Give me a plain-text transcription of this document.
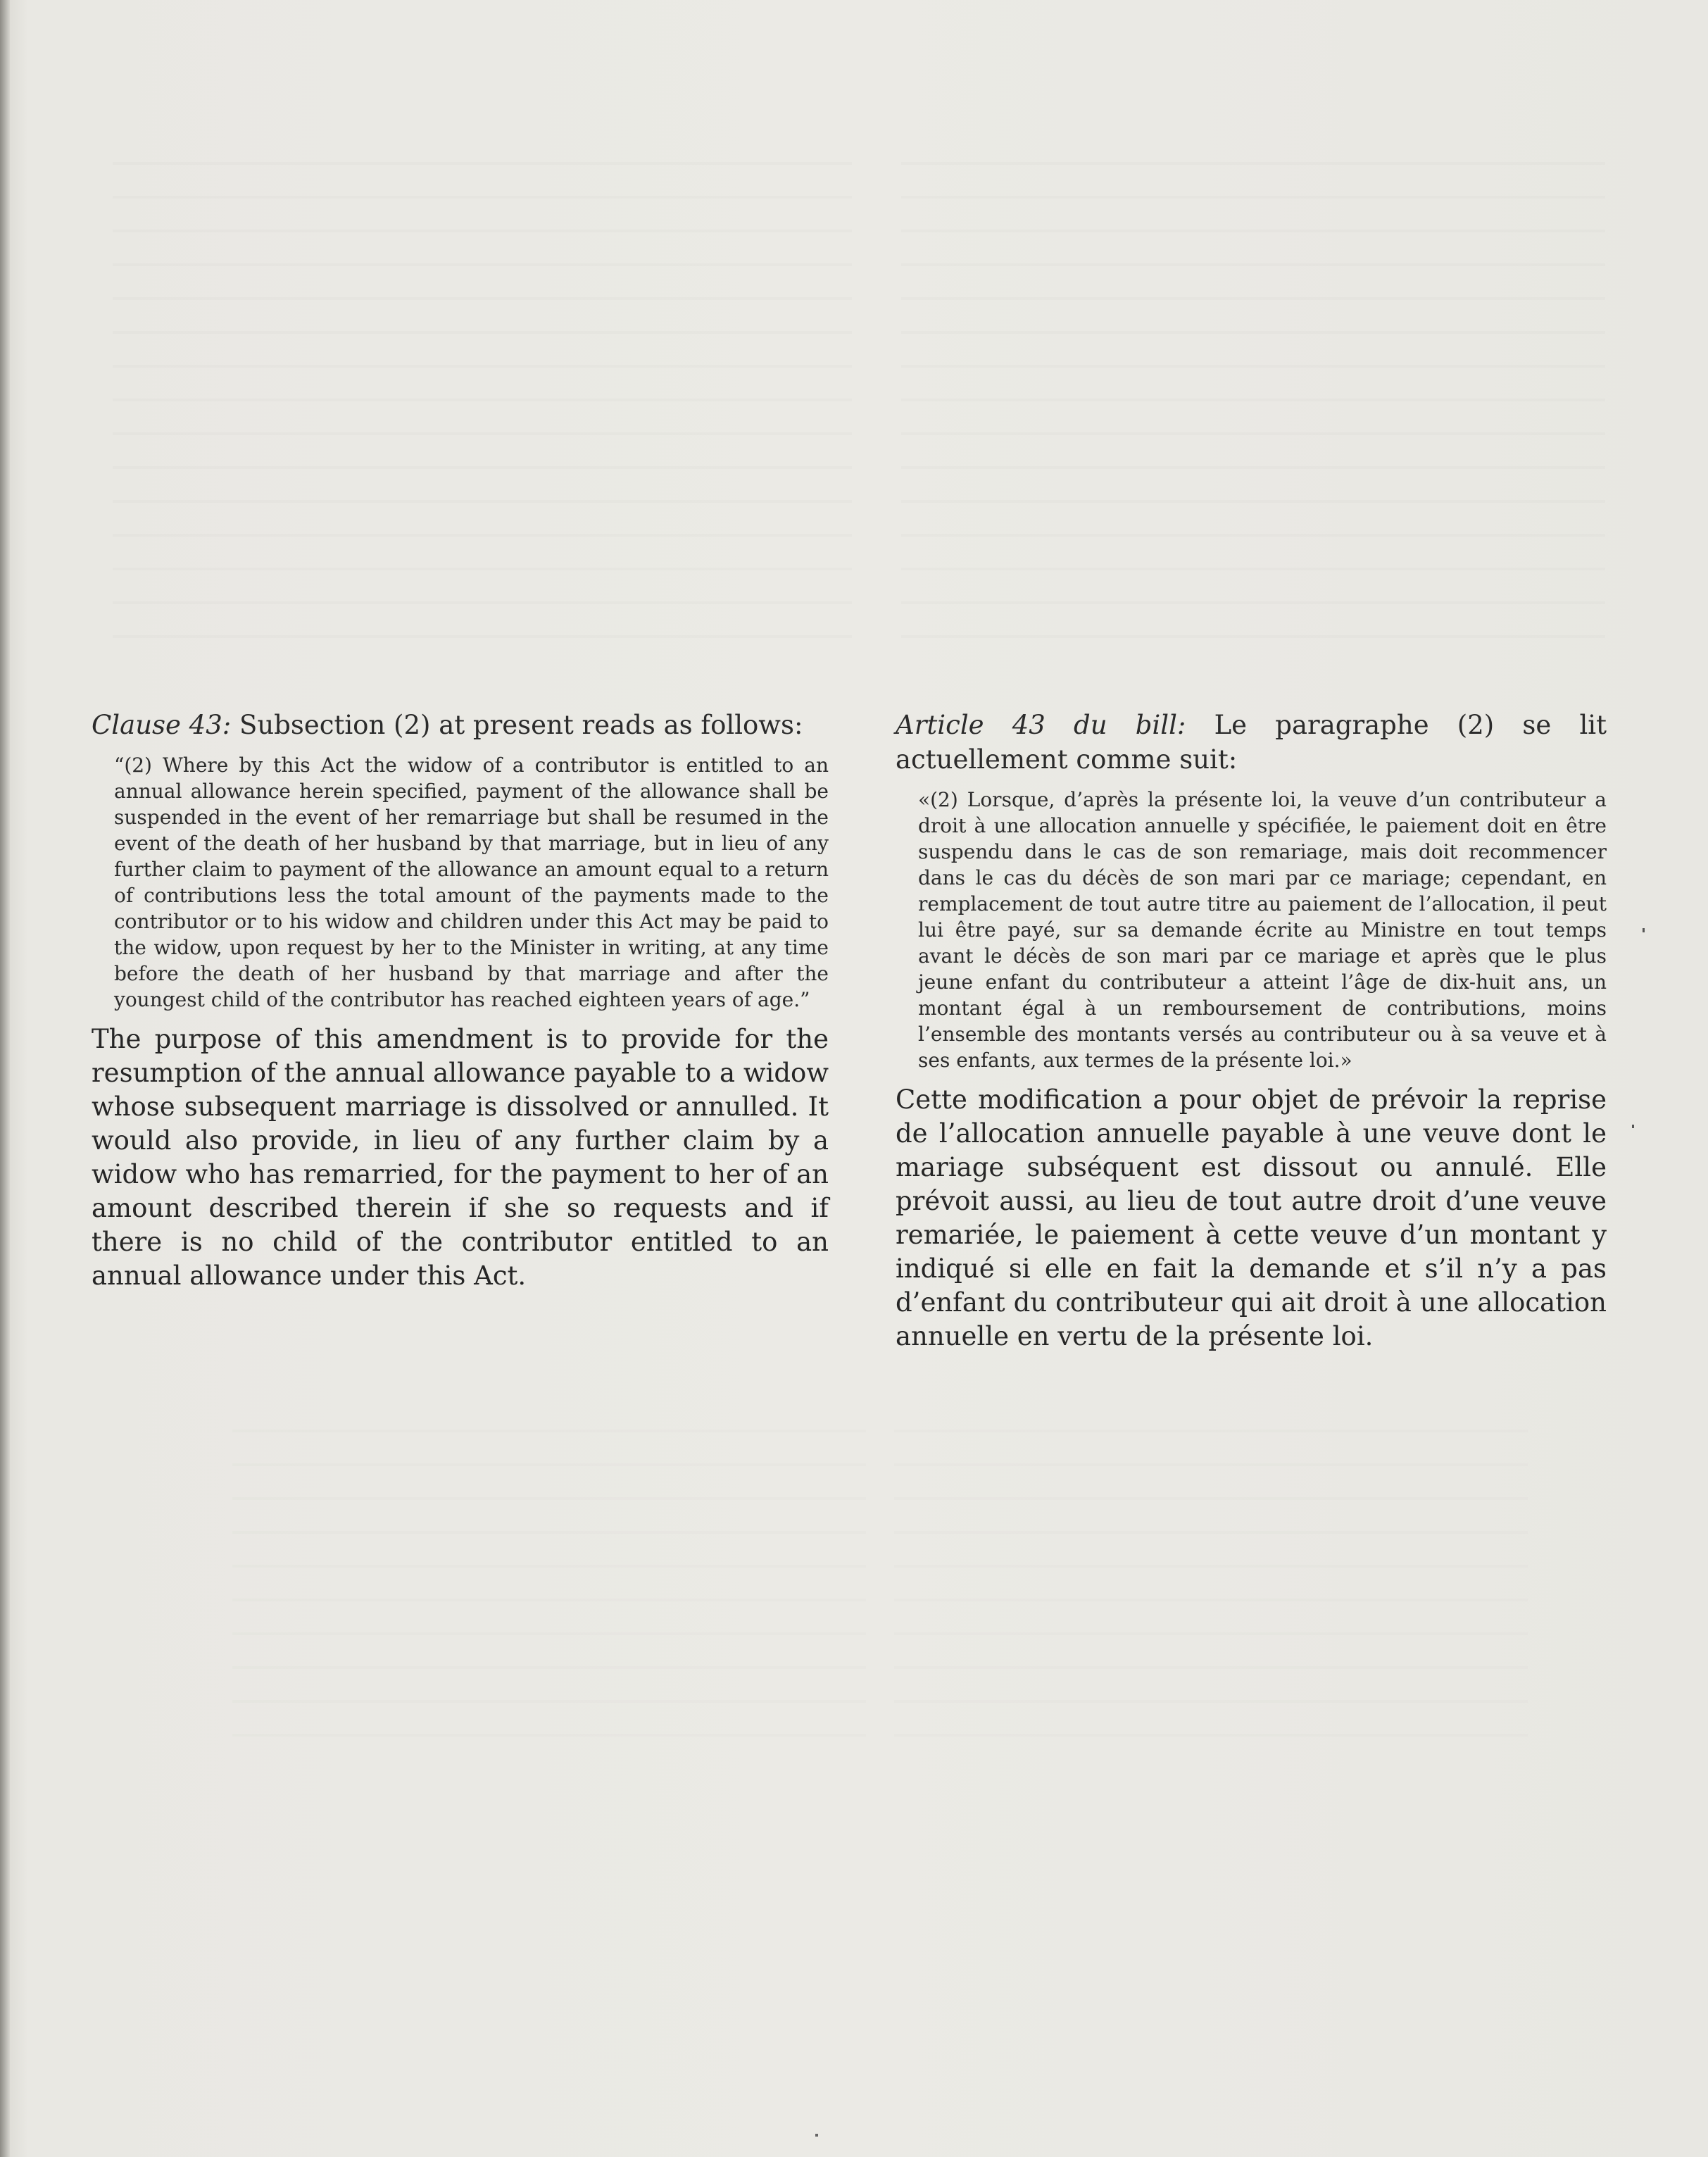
Clause 43: Subsection (2) at present reads as follows:

“(2) Where by this Act the widow of a contributor is entitled to an annual allowance herein specified, payment of the allowance shall be suspended in the event of her remarriage but shall be resumed in the event of the death of her husband by that marriage, but in lieu of any further claim to payment of the allowance an amount equal to a return of contributions less the total amount of the payments made to the contributor or to his widow and children under this Act may be paid to the widow, upon request by her to the Minister in writing, at any time before the death of her husband by that marriage and after the youngest child of the contributor has reached eighteen years of age.”

The purpose of this amendment is to provide for the resumption of the annual allowance payable to a widow whose subsequent marriage is dissolved or annulled. It would also provide, in lieu of any further claim by a widow who has remarried, for the payment to her of an amount described therein if she so requests and if there is no child of the contributor entitled to an annual allowance under this Act.

Article 43 du bill: Le paragraphe (2) se lit actuellement comme suit:

«(2) Lorsque, d’après la présente loi, la veuve d’un contributeur a droit à une allocation annuelle y spécifiée, le paiement doit en être suspendu dans le cas de son remariage, mais doit recommencer dans le cas du décès de son mari par ce mariage; cependant, en remplacement de tout autre titre au paiement de l’allocation, il peut lui être payé, sur sa demande écrite au Ministre en tout temps avant le décès de son mari par ce mariage et après que le plus jeune enfant du contributeur a atteint l’âge de dix-huit ans, un montant égal à un remboursement de contributions, moins l’ensemble des montants versés au contributeur ou à sa veuve et à ses enfants, aux termes de la présente loi.»

Cette modification a pour objet de prévoir la reprise de l’allocation annuelle payable à une veuve dont le mariage subséquent est dissout ou annulé. Elle prévoit aussi, au lieu de tout autre droit d’une veuve remariée, le paiement à cette veuve d’un montant y indiqué si elle en fait la demande et s’il n’y a pas d’enfant du contributeur qui ait droit à une allocation annuelle en vertu de la présente loi.
